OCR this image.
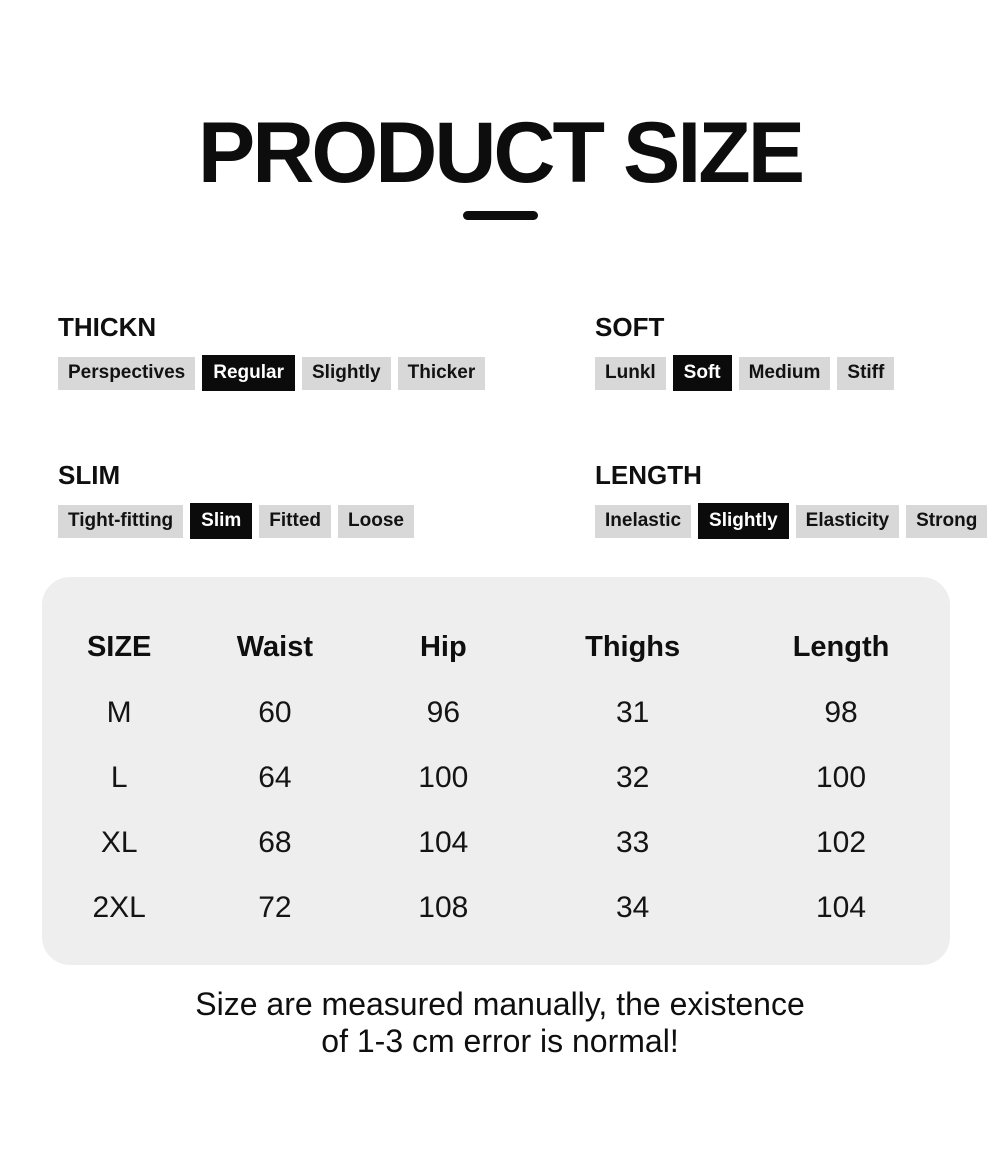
PRODUCT SIZE
THICKN
Perspectives	Regular	Slightly	Thicker
SOFT
Lunkl	Soft	Medium	Stiff
SLIM
Tight-fitting	Slim	Fitted	Loose
LENGTH
Inelastic	Slightly	Elasticity	Strong
SIZE	Waist	Hip	Thighs	Length
M	60	96	31	98
L	64	100	32	100
XL	68	104	33	102
2XL	72	108	34	104
Size are measured manually, the existence
of 1-3 cm error is normal!
